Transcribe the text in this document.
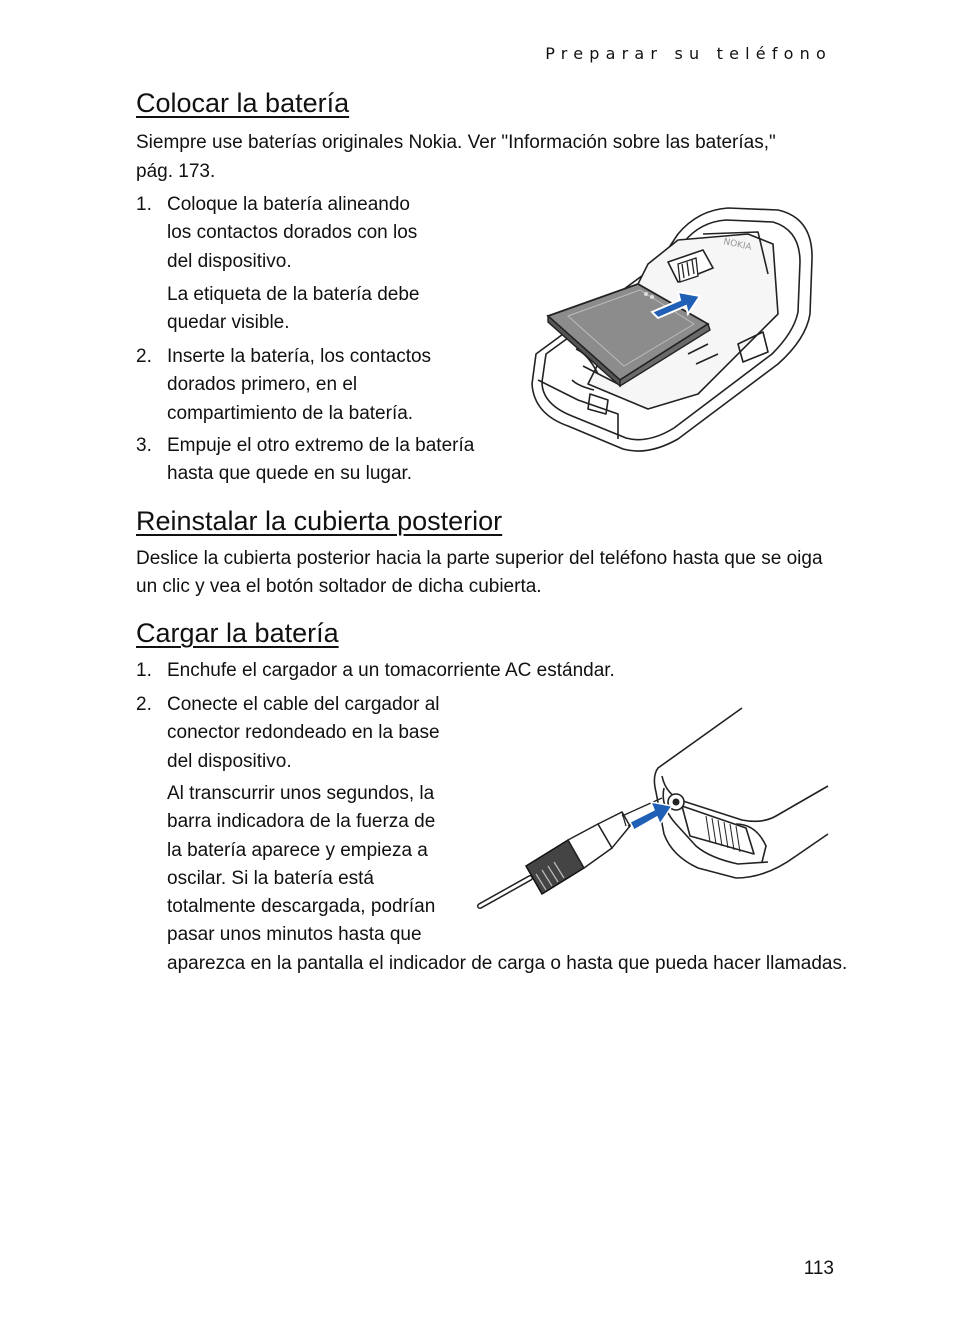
Preparar su teléfono
Colocar la batería

Siempre use baterías originales Nokia. Ver "Información sobre las baterías,"

pág. 173.

1. Coloque la batería alineando
los contactos dorados con los
del dispositivo.
La etiqueta de la batería debe
quedar visible.
2. Inserte la batería, los contactos
dorados primero, en el
compartimiento de la batería.
3. Empuje el otro extremo de la batería
hasta que quede en su lugar.
NOKIA
Reinstalar la cubierta posterior

Deslice la cubierta posterior hacia la parte superior del teléfono hasta que se oiga

un clic y vea el botón soltador de dicha cubierta.

Cargar la batería
1. Enchufe el cargador a un tomacorriente AC estándar.
2. Conecte el cable del cargador al
conector redondeado en la base
del dispositivo.
Al transcurrir unos segundos, la
barra indicadora de la fuerza de
la batería aparece y empieza a
oscilar. Si la batería está
totalmente descargada, podrían
pasar unos minutos hasta que
aparezca en la pantalla el indicador de carga o hasta que pueda hacer llamadas.
113
